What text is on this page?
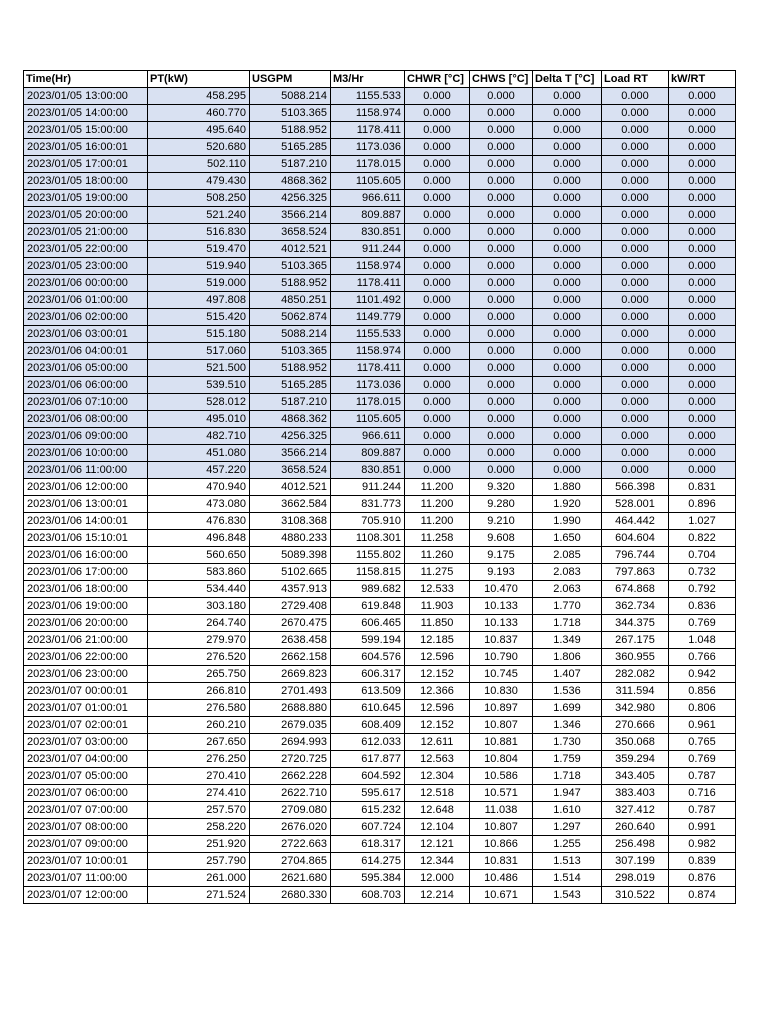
Time(Hr)	PT(kW)	USGPM	M3/Hr	CHWR [°C]	CHWS [°C]	Delta T [°C]	Load RT	kW/RT
2023/01/05 13:00:00	458.295	5088.214	1155.533	0.000	0.000	0.000	0.000	0.000
2023/01/05 14:00:00	460.770	5103.365	1158.974	0.000	0.000	0.000	0.000	0.000
2023/01/05 15:00:00	495.640	5188.952	1178.411	0.000	0.000	0.000	0.000	0.000
2023/01/05 16:00:01	520.680	5165.285	1173.036	0.000	0.000	0.000	0.000	0.000
2023/01/05 17:00:01	502.110	5187.210	1178.015	0.000	0.000	0.000	0.000	0.000
2023/01/05 18:00:00	479.430	4868.362	1105.605	0.000	0.000	0.000	0.000	0.000
2023/01/05 19:00:00	508.250	4256.325	966.611	0.000	0.000	0.000	0.000	0.000
2023/01/05 20:00:00	521.240	3566.214	809.887	0.000	0.000	0.000	0.000	0.000
2023/01/05 21:00:00	516.830	3658.524	830.851	0.000	0.000	0.000	0.000	0.000
2023/01/05 22:00:00	519.470	4012.521	911.244	0.000	0.000	0.000	0.000	0.000
2023/01/05 23:00:00	519.940	5103.365	1158.974	0.000	0.000	0.000	0.000	0.000
2023/01/06 00:00:00	519.000	5188.952	1178.411	0.000	0.000	0.000	0.000	0.000
2023/01/06 01:00:00	497.808	4850.251	1101.492	0.000	0.000	0.000	0.000	0.000
2023/01/06 02:00:00	515.420	5062.874	1149.779	0.000	0.000	0.000	0.000	0.000
2023/01/06 03:00:01	515.180	5088.214	1155.533	0.000	0.000	0.000	0.000	0.000
2023/01/06 04:00:01	517.060	5103.365	1158.974	0.000	0.000	0.000	0.000	0.000
2023/01/06 05:00:00	521.500	5188.952	1178.411	0.000	0.000	0.000	0.000	0.000
2023/01/06 06:00:00	539.510	5165.285	1173.036	0.000	0.000	0.000	0.000	0.000
2023/01/06 07:10:00	528.012	5187.210	1178.015	0.000	0.000	0.000	0.000	0.000
2023/01/06 08:00:00	495.010	4868.362	1105.605	0.000	0.000	0.000	0.000	0.000
2023/01/06 09:00:00	482.710	4256.325	966.611	0.000	0.000	0.000	0.000	0.000
2023/01/06 10:00:00	451.080	3566.214	809.887	0.000	0.000	0.000	0.000	0.000
2023/01/06 11:00:00	457.220	3658.524	830.851	0.000	0.000	0.000	0.000	0.000
2023/01/06 12:00:00	470.940	4012.521	911.244	11.200	9.320	1.880	566.398	0.831
2023/01/06 13:00:01	473.080	3662.584	831.773	11.200	9.280	1.920	528.001	0.896
2023/01/06 14:00:01	476.830	3108.368	705.910	11.200	9.210	1.990	464.442	1.027
2023/01/06 15:10:01	496.848	4880.233	1108.301	11.258	9.608	1.650	604.604	0.822
2023/01/06 16:00:00	560.650	5089.398	1155.802	11.260	9.175	2.085	796.744	0.704
2023/01/06 17:00:00	583.860	5102.665	1158.815	11.275	9.193	2.083	797.863	0.732
2023/01/06 18:00:00	534.440	4357.913	989.682	12.533	10.470	2.063	674.868	0.792
2023/01/06 19:00:00	303.180	2729.408	619.848	11.903	10.133	1.770	362.734	0.836
2023/01/06 20:00:00	264.740	2670.475	606.465	11.850	10.133	1.718	344.375	0.769
2023/01/06 21:00:00	279.970	2638.458	599.194	12.185	10.837	1.349	267.175	1.048
2023/01/06 22:00:00	276.520	2662.158	604.576	12.596	10.790	1.806	360.955	0.766
2023/01/06 23:00:00	265.750	2669.823	606.317	12.152	10.745	1.407	282.082	0.942
2023/01/07 00:00:01	266.810	2701.493	613.509	12.366	10.830	1.536	311.594	0.856
2023/01/07 01:00:01	276.580	2688.880	610.645	12.596	10.897	1.699	342.980	0.806
2023/01/07 02:00:01	260.210	2679.035	608.409	12.152	10.807	1.346	270.666	0.961
2023/01/07 03:00:00	267.650	2694.993	612.033	12.611	10.881	1.730	350.068	0.765
2023/01/07 04:00:00	276.250	2720.725	617.877	12.563	10.804	1.759	359.294	0.769
2023/01/07 05:00:00	270.410	2662.228	604.592	12.304	10.586	1.718	343.405	0.787
2023/01/07 06:00:00	274.410	2622.710	595.617	12.518	10.571	1.947	383.403	0.716
2023/01/07 07:00:00	257.570	2709.080	615.232	12.648	11.038	1.610	327.412	0.787
2023/01/07 08:00:00	258.220	2676.020	607.724	12.104	10.807	1.297	260.640	0.991
2023/01/07 09:00:00	251.920	2722.663	618.317	12.121	10.866	1.255	256.498	0.982
2023/01/07 10:00:01	257.790	2704.865	614.275	12.344	10.831	1.513	307.199	0.839
2023/01/07 11:00:00	261.000	2621.680	595.384	12.000	10.486	1.514	298.019	0.876
2023/01/07 12:00:00	271.524	2680.330	608.703	12.214	10.671	1.543	310.522	0.874
